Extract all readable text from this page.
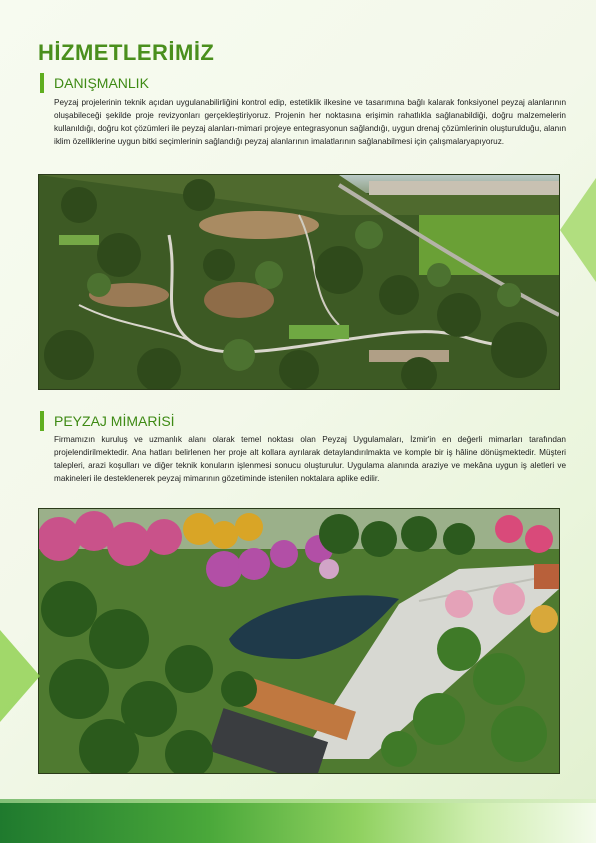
HİZMETLERİMİZ
DANIŞMANLIK
Peyzaj projelerinin teknik açıdan uygulanabilirliğini kontrol edip, estetiklik ilkesine ve tasarımına bağlı kalarak fonksiyonel peyzaj alanlarının oluşabileceği şekilde proje revizyonları gerçekleştiriyoruz. Projenin her noktasına erişimin rahatlıkla sağlanabildiği, doğru malzemelerin kullanıldığı, doğru kot çözümleri ile peyzaj alanları-mimari projeye entegrasyonun sağlandığı, uygun drenaj çözümlerinin oluşturulduğu, alanın iklim özelliklerine uygun bitki seçimlerinin sağlandığı peyzaj alanlarının imalatlarının sağlanabilmesi için çalışmalaryapıyoruz.
PEYZAJ MİMARİSİ
Firmamızın kuruluş ve uzmanlık alanı olarak temel noktası olan Peyzaj Uygulamaları, İzmir'in en değerli mimarları tarafından projelendirilmektedir. Ana hatları belirlenen her proje alt kollara ayrılarak detaylandırılmakta ve komple bir iş hâline dönüşmektedir. Müşteri talepleri, arazi koşulları ve diğer teknik konuların işlenmesi sonucu oluşturulur. Uygulama alanında araziye ve mekâna uygun iş aletleri ve makineleri ile desteklenerek peyzaj mimarının gözetiminde istenilen noktalara aplike edilir.
